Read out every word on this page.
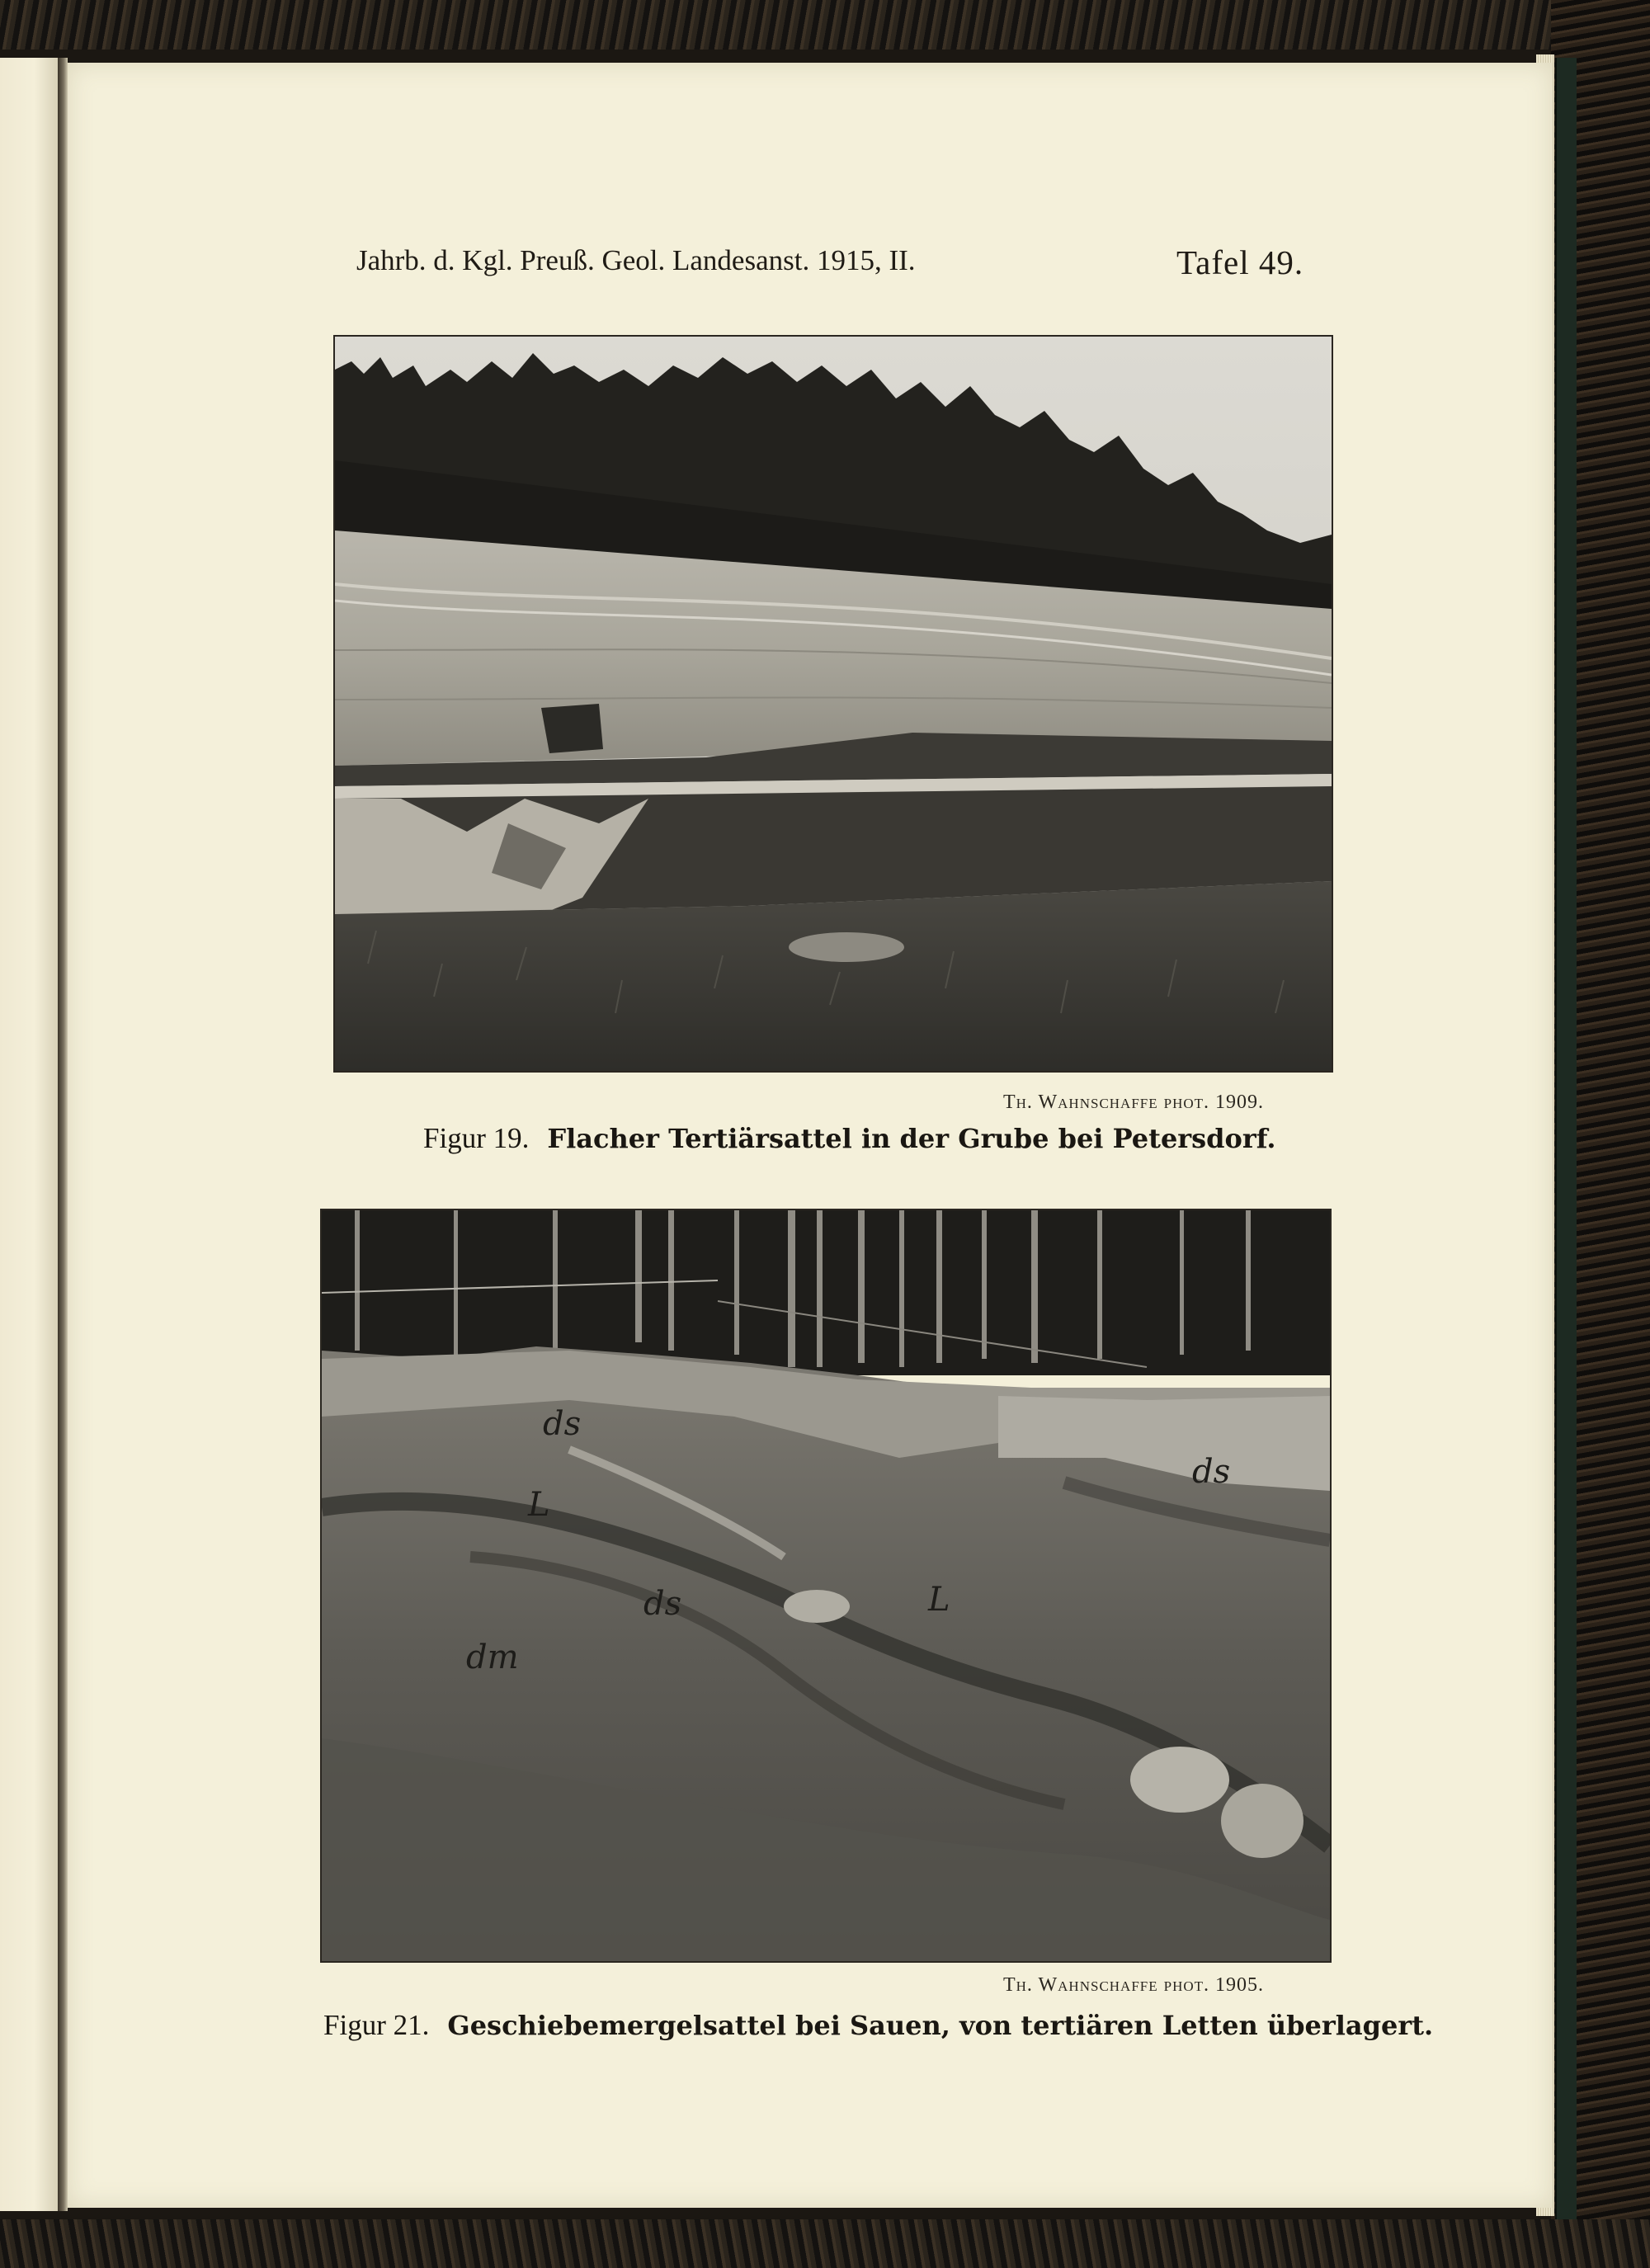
Jahrb. d. Kgl. Preuß. Geol. Landesanst. 1915, II.	Tafel 49.
Th. Wahnschaffe phot. 1909.
Figur 19. Flacher Tertiärsattel in der Grube bei Petersdorf.
ds
L
ds
dm
L
ds
Th. Wahnschaffe phot. 1905.
Figur 21. Geschiebemergelsattel bei Sauen, von tertiären Letten überlagert.
